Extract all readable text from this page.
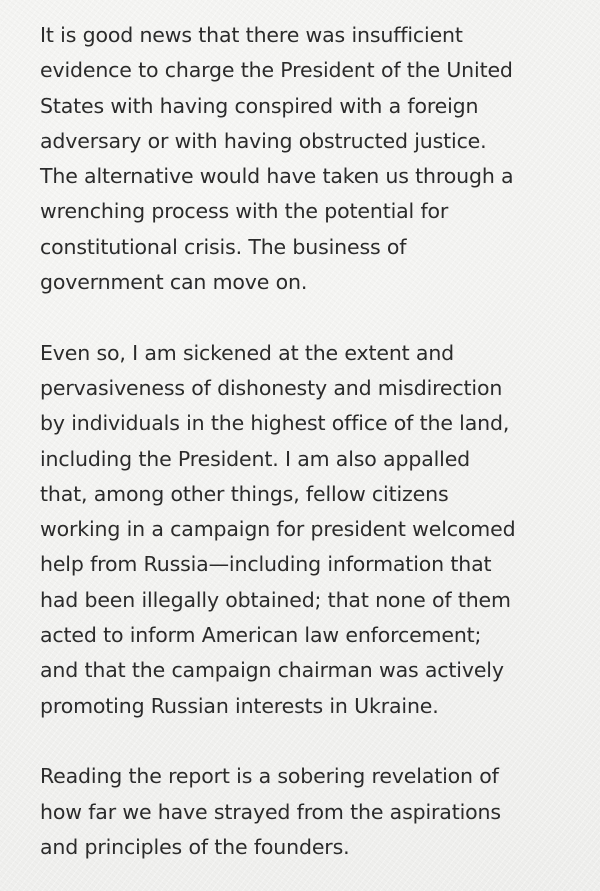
It is good news that there was insufficient
evidence to charge the President of the United
States with having conspired with a foreign
adversary or with having obstructed justice.
The alternative would have taken us through a
wrenching process with the potential for
constitutional crisis. The business of
government can move on.

Even so, I am sickened at the extent and
pervasiveness of dishonesty and misdirection
by individuals in the highest office of the land,
including the President. I am also appalled
that, among other things, fellow citizens
working in a campaign for president welcomed
help from Russia—including information that
had been illegally obtained; that none of them
acted to inform American law enforcement;
and that the campaign chairman was actively
promoting Russian interests in Ukraine.

Reading the report is a sobering revelation of
how far we have strayed from the aspirations
and principles of the founders.
